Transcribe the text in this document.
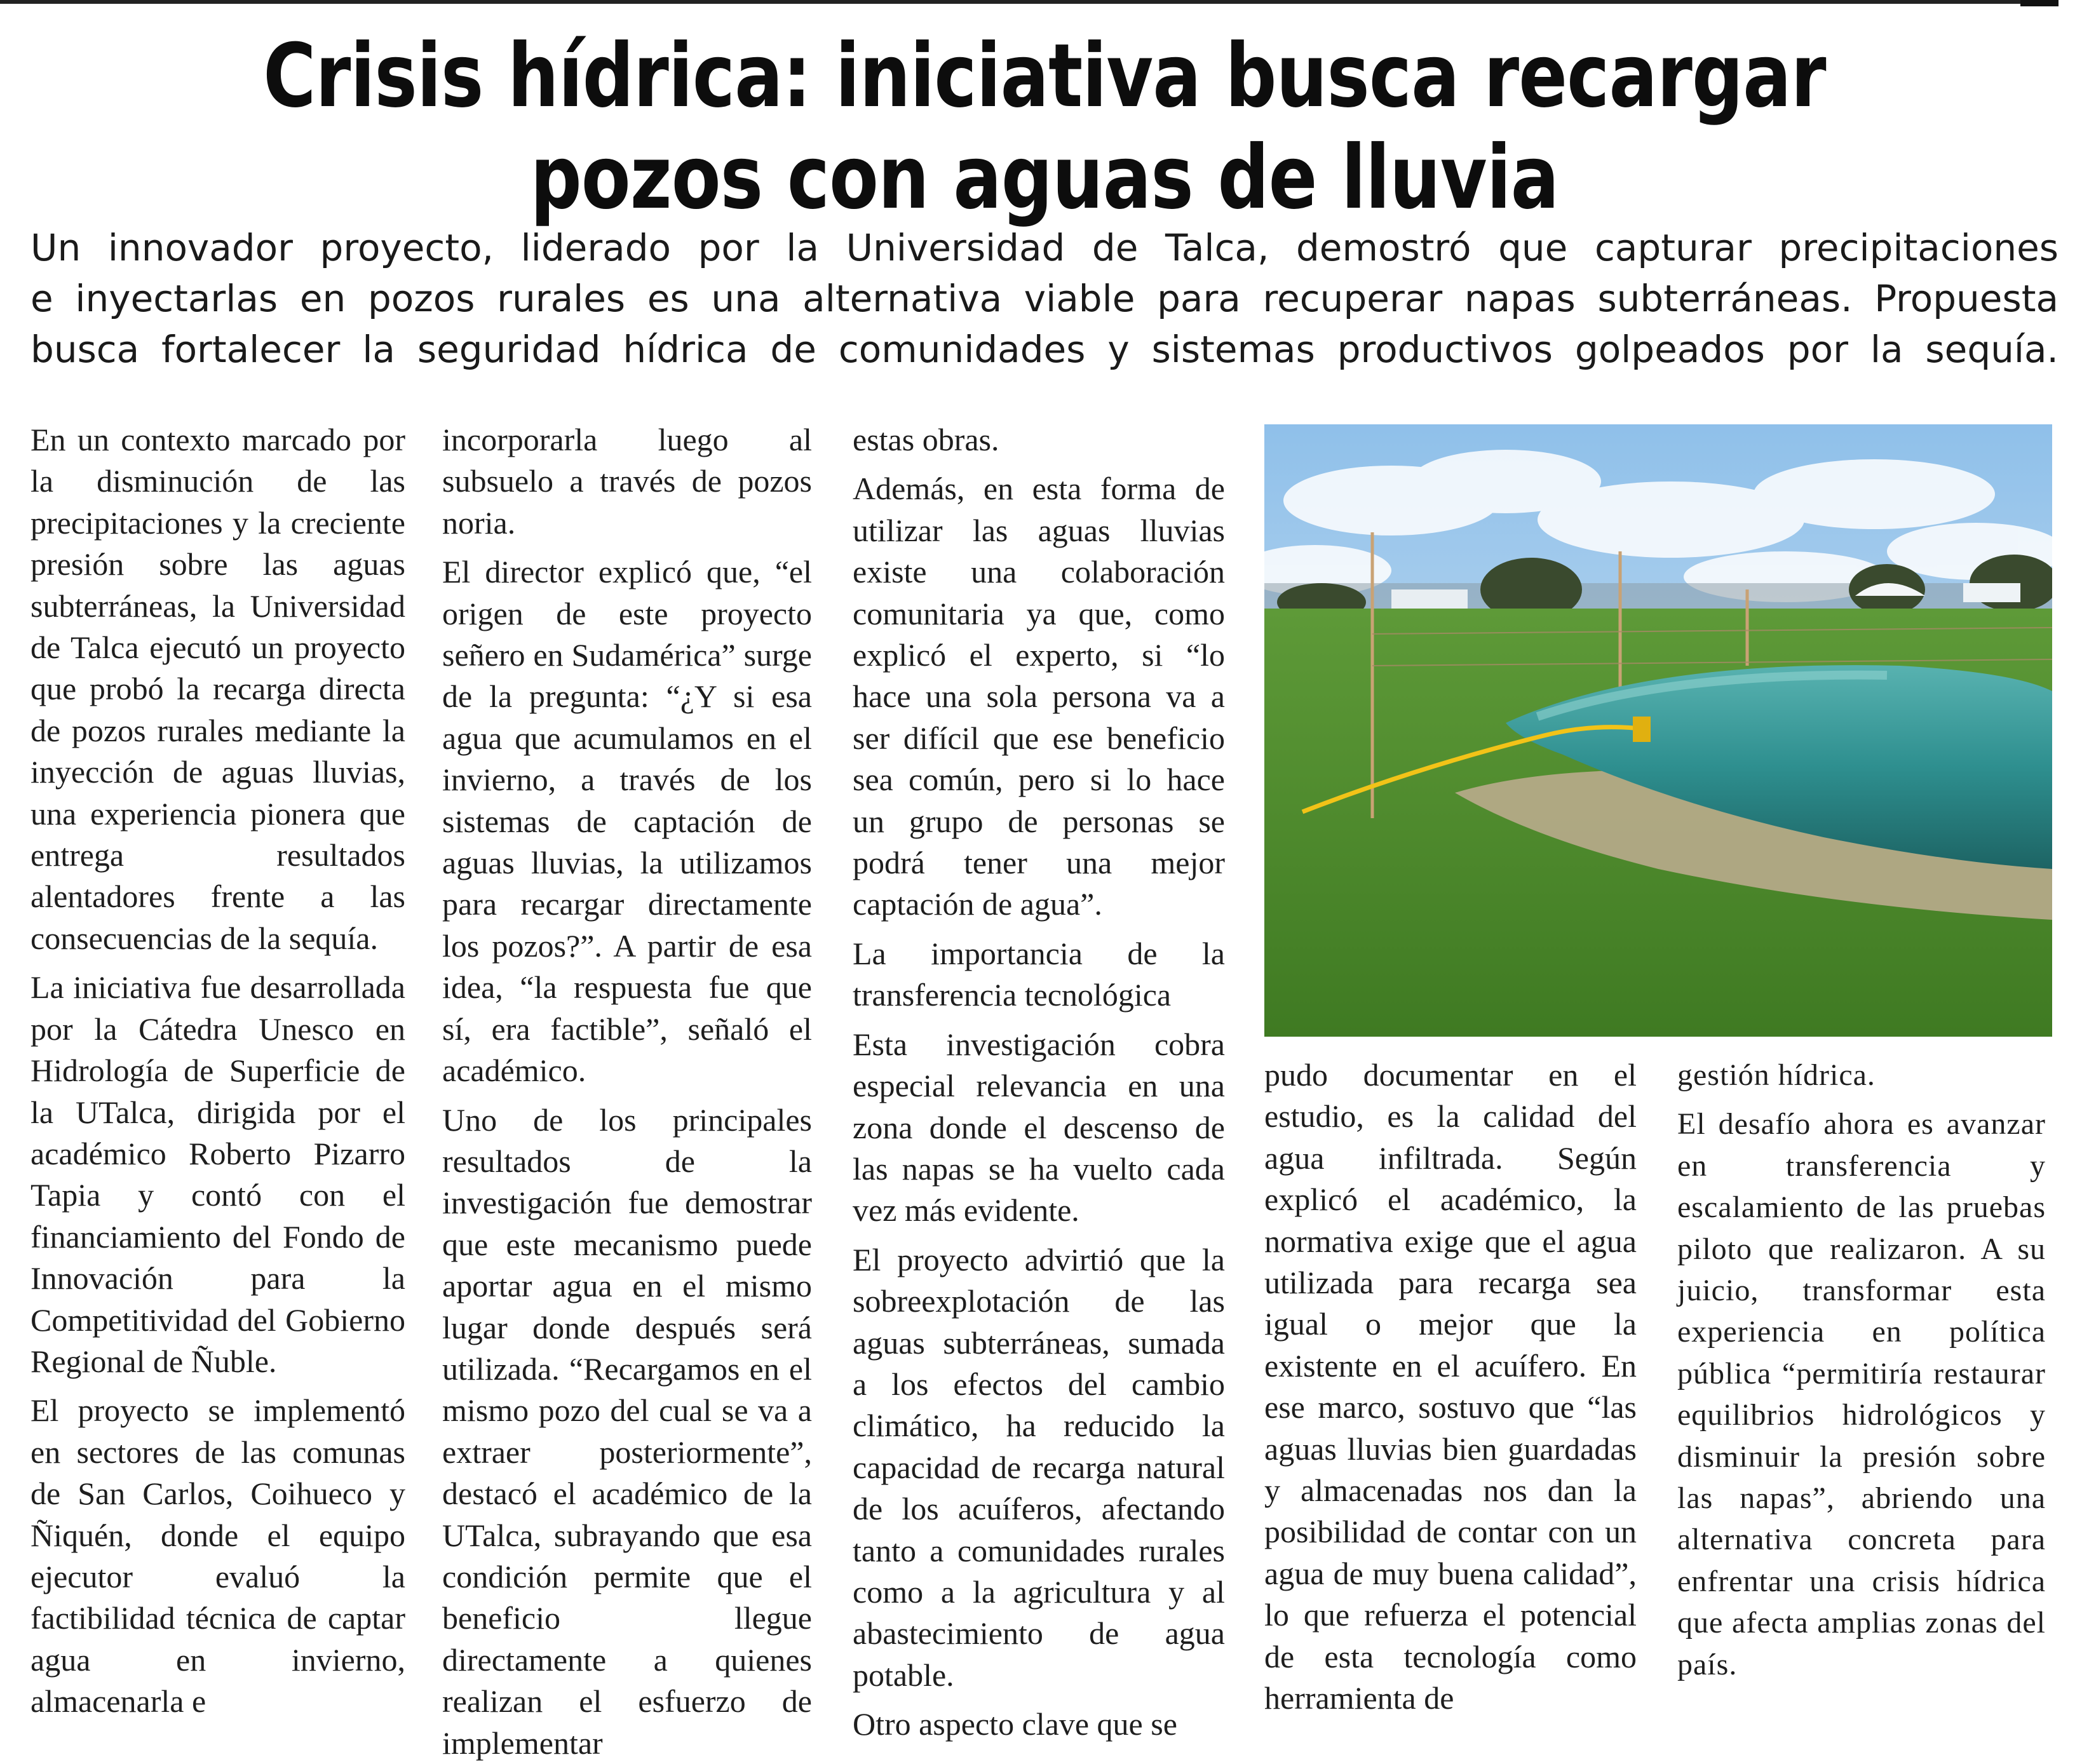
Crisis hídrica: iniciativa busca recargar
pozos con aguas de lluvia
Un innovador proyecto, liderado por la Universidad de Talca, demostró que capturar precipitaciones
e inyectarlas en pozos rurales es una alternativa viable para recuperar napas subterráneas. Propuesta
busca fortalecer la seguridad hídrica de comunidades y sistemas productivos golpeados por la sequía.

En un contexto marcado por la disminución de las precipitaciones y la creciente presión sobre las aguas subterráneas, la Universidad de Talca ejecutó un proyecto que probó la recarga directa de pozos rurales mediante la inyección de aguas lluvias, una experiencia pionera que entrega resultados alentadores frente a las consecuencias de la sequía.

La iniciativa fue desarrollada por la Cátedra Unesco en Hidrología de Superficie de la UTalca, dirigida por el académico Roberto Pizarro Tapia y contó con el financiamiento del Fondo de Innovación para la Competitividad del Gobierno Regional de Ñuble.

El proyecto se implementó en sectores de las comunas de San Carlos, Coihueco y Ñiquén, donde el equipo ejecutor evaluó la factibilidad técnica de captar agua en invierno, almacenarla e

incorporarla luego al subsuelo a través de pozos noria.

El director explicó que, “el origen de este proyecto señero en Sudamérica” surge de la pregunta: “¿Y si esa agua que acumulamos en el invierno, a través de los sistemas de captación de aguas lluvias, la utilizamos para recargar directamente los pozos?”. A partir de esa idea, “la respuesta fue que sí, era factible”, señaló el académico.

Uno de los principales resultados de la investigación fue demostrar que este mecanismo puede aportar agua en el mismo lugar donde después será utilizada. “Recargamos en el mismo pozo del cual se va a extraer posteriormente”, destacó el académico de la UTalca, subrayando que esa condición permite que el beneficio llegue directamente a quienes realizan el esfuerzo de implementar

estas obras.

Además, en esta forma de utilizar las aguas lluvias existe una colaboración comunitaria ya que, como explicó el experto, si “lo hace una sola persona va a ser difícil que ese beneficio sea común, pero si lo hace un grupo de personas se podrá tener una mejor captación de agua”.

La importancia de la transferencia tecnológica

Esta investigación cobra especial relevancia en una zona donde el descenso de las napas se ha vuelto cada vez más evidente.

El proyecto advirtió que la sobreexplotación de las aguas subterráneas, sumada a los efectos del cambio climático, ha reducido la capacidad de recarga natural de los acuíferos, afectando tanto a comunidades rurales como a la agricultura y al abastecimiento de agua potable.

Otro aspecto clave que se

pudo documentar en el estudio, es la calidad del agua infiltrada. Según explicó el académico, la normativa exige que el agua utilizada para recarga sea igual o mejor que la existente en el acuífero. En ese marco, sostuvo que “las aguas lluvias bien guardadas y almacenadas nos dan la posibilidad de contar con un agua de muy buena calidad”, lo que refuerza el potencial de esta tecnología como herramienta de

gestión hídrica.

El desafío ahora es avanzar en transferencia y escalamiento de las pruebas piloto que realizaron. A su juicio, transformar esta experiencia en política pública “permitiría restaurar equilibrios hidrológicos y disminuir la presión sobre las napas”, abriendo una alternativa concreta para enfrentar una crisis hídrica que afecta amplias zonas del país.
